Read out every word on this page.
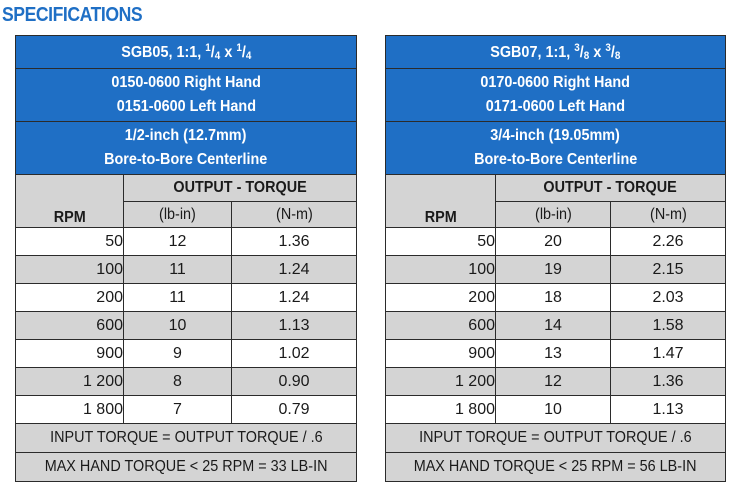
SPECIFICATIONS
SGB05, 1:1, $^1/_4$ x $^1/_4$
0150-0600 Right Hand
0151-0600 Left Hand		
1/2-inch (12.7mm)
Bore-to-Bore Centerline		
RPM	OUTPUT - TORQUE	
	(lb-in)	(N-m)
50	12	1.36
100	11	1.24
200	11	1.24
600	10	1.13
900	9	1.02
1 200	8	0.90
1 800	7	0.79
INPUT TORQUE = OUTPUT TORQUE / .6		
MAX HAND TORQUE < 25 RPM = 33 LB-IN		
SGB07, 1:1, $^3/_8$ x $^3/_8$
0170-0600 Right Hand
0171-0600 Left Hand		
3/4-inch (19.05mm)
Bore-to-Bore Centerline		
RPM	OUTPUT - TORQUE	
	(lb-in)	(N-m)
50	20	2.26
100	19	2.15
200	18	2.03
600	14	1.58
900	13	1.47
1 200	12	1.36
1 800	10	1.13
INPUT TORQUE = OUTPUT TORQUE / .6		
MAX HAND TORQUE < 25 RPM = 56 LB-IN		
